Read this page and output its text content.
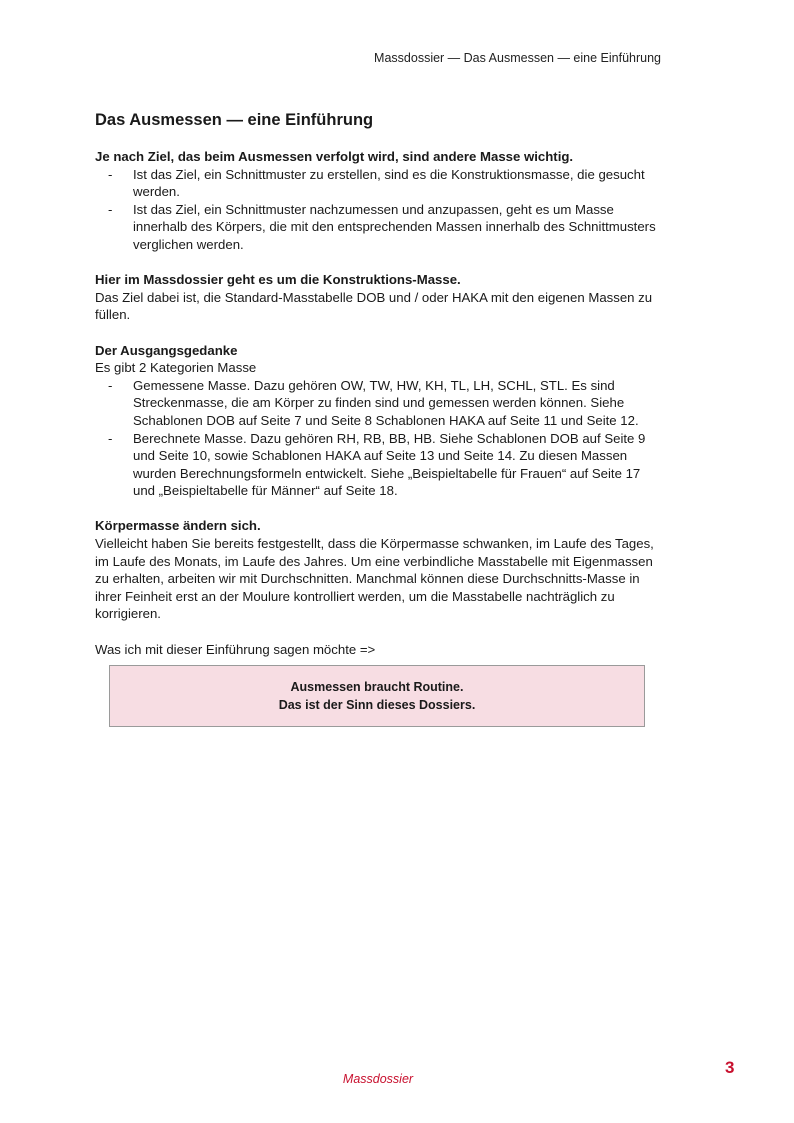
Massdossier — Das Ausmessen — eine Einführung
Das Ausmessen — eine Einführung

Je nach Ziel, das beim Ausmessen verfolgt wird, sind andere Masse wichtig.

- Ist das Ziel, ein Schnittmuster zu erstellen, sind es die Konstruktionsmasse, die gesucht werden.
- Ist das Ziel, ein Schnittmuster nachzumessen und anzupassen, geht es um Masse innerhalb des Körpers, die mit den entsprechenden Massen innerhalb des Schnittmusters verglichen werden.

Hier im Massdossier geht es um die Konstruktions-Masse.

Das Ziel dabei ist, die Standard-Masstabelle DOB und / oder HAKA mit den eigenen Massen zu füllen.

Der Ausgangsgedanke

Es gibt 2 Kategorien Masse

- Gemessene Masse. Dazu gehören OW, TW, HW, KH, TL, LH, SCHL, STL. Es sind Streckenmasse, die am Körper zu finden sind und gemessen werden können. Siehe Schablonen DOB auf Seite 7 und Seite 8 Schablonen HAKA auf Seite 11 und Seite 12.
- Berechnete Masse. Dazu gehören RH, RB, BB, HB. Siehe Schablonen DOB auf Seite 9 und Seite 10, sowie Schablonen HAKA auf Seite 13 und Seite 14. Zu diesen Massen wurden Berechnungsformeln entwickelt. Siehe „Beispieltabelle für Frauen“ auf Seite 17 und „Beispieltabelle für Männer“ auf Seite 18.

Körpermasse ändern sich.

Vielleicht haben Sie bereits festgestellt, dass die Körpermasse schwanken, im Laufe des Tages, im Laufe des Monats, im Laufe des Jahres. Um eine verbindliche Masstabelle mit Eigenmassen zu erhalten, arbeiten wir mit Durchschnitten. Manchmal können diese Durchschnitts-Masse in ihrer Feinheit erst an der Moulure kontrolliert werden, um die Masstabelle nachträglich zu korrigieren.

Was ich mit dieser Einführung sagen möchte =>

Ausmessen braucht Routine.
Das ist der Sinn dieses Dossiers.
Massdossier
3
